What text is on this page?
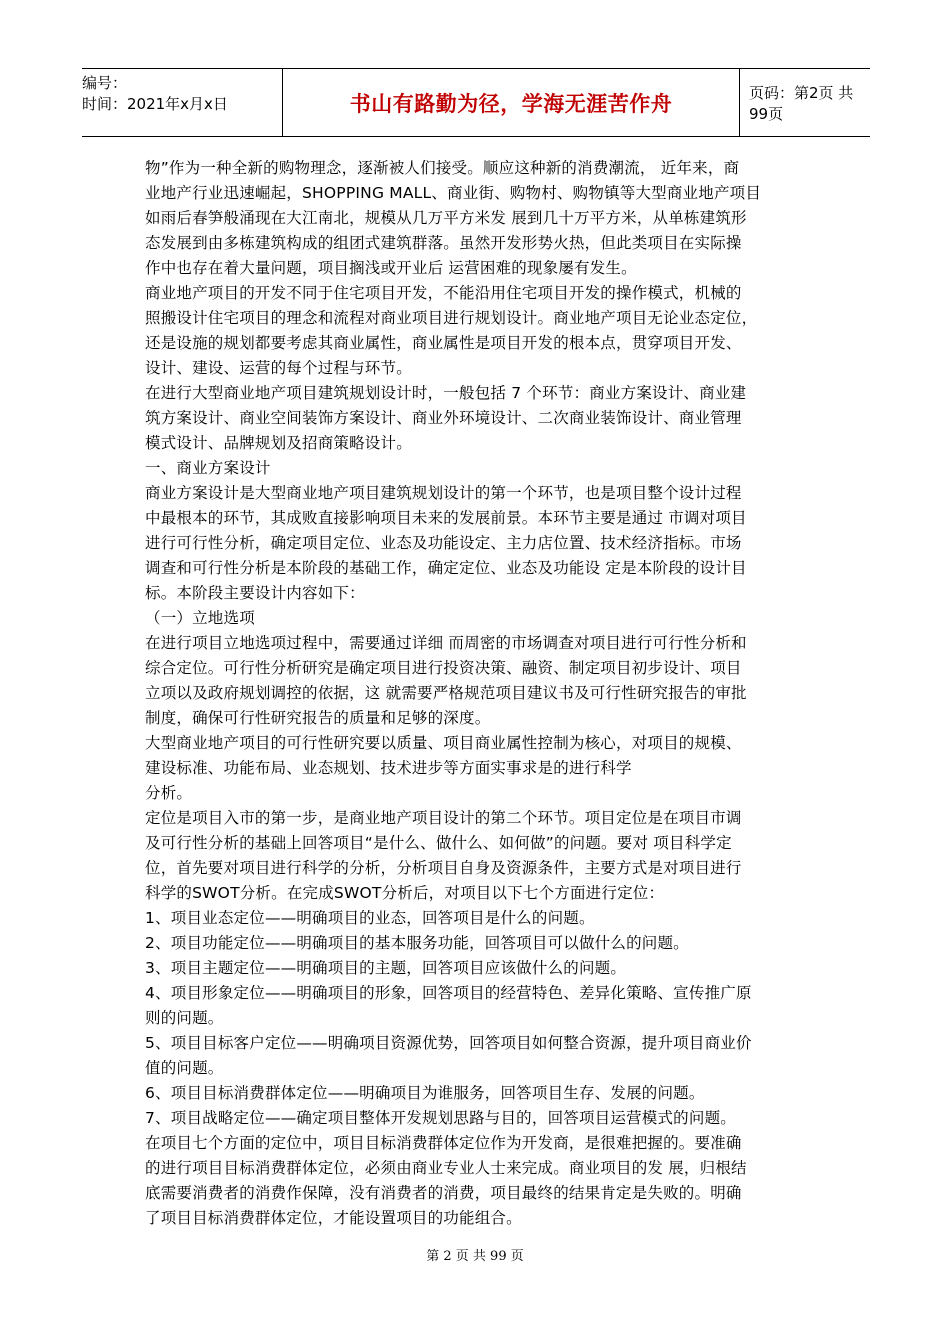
编号：
时间：2021年x月x日	书山有路勤为径，学海无涯苦作舟	页码：第2页 共99页

物”作为一种全新的购物理念，逐渐被人们接受。顺应这种新的消费潮流， 近年来，商

业地产行业迅速崛起，SHOPPING MALL、商业街、购物村、购物镇等大型商业地产项目

如雨后春笋般涌现在大江南北，规模从几万平方米发 展到几十万平方米，从单栋建筑形

态发展到由多栋建筑构成的组团式建筑群落。虽然开发形势火热，但此类项目在实际操

作中也存在着大量问题，项目搁浅或开业后 运营困难的现象屡有发生。

商业地产项目的开发不同于住宅项目开发，不能沿用住宅项目开发的操作模式，机械的

照搬设计住宅项目的理念和流程对商业项目进行规划设计。商业地产项目无论业态定位，

还是设施的规划都要考虑其商业属性，商业属性是项目开发的根本点，贯穿项目开发、

设计、建设、运营的每个过程与环节。

在进行大型商业地产项目建筑规划设计时，一般包括 7 个环节：商业方案设计、商业建

筑方案设计、商业空间装饰方案设计、商业外环境设计、二次商业装饰设计、商业管理

模式设计、品牌规划及招商策略设计。

一、商业方案设计

商业方案设计是大型商业地产项目建筑规划设计的第一个环节，也是项目整个设计过程

中最根本的环节，其成败直接影响项目未来的发展前景。本环节主要是通过 市调对项目

进行可行性分析，确定项目定位、业态及功能设定、主力店位置、技术经济指标。市场

调查和可行性分析是本阶段的基础工作，确定定位、业态及功能设 定是本阶段的设计目

标。本阶段主要设计内容如下：

（一）立地选项

在进行项目立地选项过程中，需要通过详细 而周密的市场调查对项目进行可行性分析和

综合定位。可行性分析研究是确定项目进行投资决策、融资、制定项目初步设计、项目

立项以及政府规划调控的依据，这 就需要严格规范项目建议书及可行性研究报告的审批

制度，确保可行性研究报告的质量和足够的深度。

大型商业地产项目的可行性研究要以质量、项目商业属性控制为核心，对项目的规模、

建设标准、功能布局、业态规划、技术进步等方面实事求是的进行科学

分析。

定位是项目入市的第一步，是商业地产项目设计的第二个环节。项目定位是在项目市调

及可行性分析的基础上回答项目“是什么、做什么、如何做”的问题。要对 项目科学定

位，首先要对项目进行科学的分析，分析项目自身及资源条件，主要方式是对项目进行

科学的SWOT分析。在完成SWOT分析后，对项目以下七个方面进行定位：

1、项目业态定位——明确项目的业态，回答项目是什么的问题。

2、项目功能定位——明确项目的基本服务功能，回答项目可以做什么的问题。

3、项目主题定位——明确项目的主题，回答项目应该做什么的问题。

4、项目形象定位——明确项目的形象，回答项目的经营特色、差异化策略、宣传推广原

则的问题。

5、项目目标客户定位——明确项目资源优势，回答项目如何整合资源，提升项目商业价

值的问题。

6、项目目标消费群体定位——明确项目为谁服务，回答项目生存、发展的问题。

7、项目战略定位——确定项目整体开发规划思路与目的，回答项目运营模式的问题。

在项目七个方面的定位中，项目目标消费群体定位作为开发商，是很难把握的。要准确

的进行项目目标消费群体定位，必须由商业专业人士来完成。商业项目的发 展，归根结

底需要消费者的消费作保障，没有消费者的消费，项目最终的结果肯定是失败的。明确

了项目目标消费群体定位，才能设置项目的功能组合。

第 2 页 共 99 页
